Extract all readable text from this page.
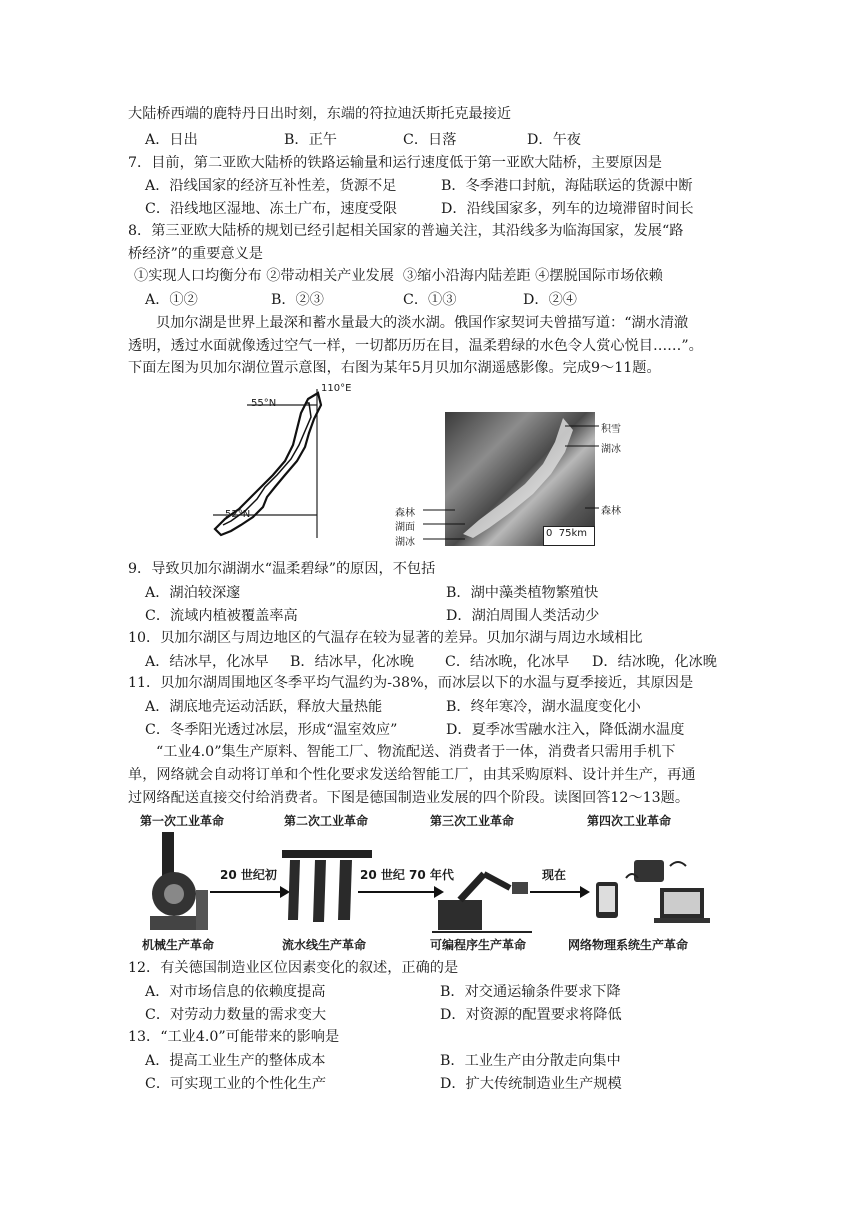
大陆桥西端的鹿特丹日出时刻，东端的符拉迪沃斯托克最接近
A．日出	B．正午	C．日落	D．午夜
7．目前，第二亚欧大陆桥的铁路运输量和运行速度低于第一亚欧大陆桥，主要原因是
A．沿线国家的经济互补性差，货源不足	B．冬季港口封航，海陆联运的货源中断
C．沿线地区湿地、冻土广布，速度受限	D．沿线国家多，列车的边境滞留时间长
8．第三亚欧大陆桥的规划已经引起相关国家的普遍关注，其沿线多为临海国家，发展“路
桥经济”的重要意义是
①实现人口均衡分布 ②带动相关产业发展  ③缩小沿海内陆差距 ④摆脱国际市场依赖
A．①②	B．②③	C．①③	D．②④
贝加尔湖是世界上最深和蓄水量最大的淡水湖。俄国作家契诃夫曾描写道：“湖水清澈
透明，透过水面就像透过空气一样，一切都历历在目，温柔碧绿的水色令人赏心悦目……”。
下面左图为贝加尔湖位置示意图，右图为某年5月贝加尔湖遥感影像。完成9～11题。
110°E
55°N
52°N
0  75km
积雪
湖冰
森林
森林
湖面
湖冰
9．导致贝加尔湖湖水“温柔碧绿”的原因，不包括
A．湖泊较深邃	B．湖中藻类植物繁殖快
C．流域内植被覆盖率高	D．湖泊周围人类活动少
10．贝加尔湖区与周边地区的气温存在较为显著的差异。贝加尔湖与周边水域相比
A．结冰早，化冰早 B．结冰早，化冰晚 C．结冰晚，化冰早 D．结冰晚，化冰晚
11．贝加尔湖周围地区冬季平均气温约为-38%，而冰层以下的水温与夏季接近，其原因是
A．湖底地壳运动活跃，释放大量热能	B．终年寒冷，湖水温度变化小
C．冬季阳光透过冰层，形成“温室效应”	D．夏季冰雪融水注入，降低湖水温度
“工业4.0”集生产原料、智能工厂、物流配送、消费者于一体，消费者只需用手机下
单，网络就会自动将订单和个性化要求发送给智能工厂，由其采购原料、设计并生产，再通
过网络配送直接交付给消费者。下图是德国制造业发展的四个阶段。读图回答12～13题。
第一次工业革命	第二次工业革命	第三次工业革命	第四次工业革命
20 世纪初	20 世纪 70 年代	现在
机械生产革命	流水线生产革命	可编程序生产革命	网络物理系统生产革命
12．有关德国制造业区位因素变化的叙述，正确的是
A．对市场信息的依赖度提高	B．对交通运输条件要求下降
C．对劳动力数量的需求变大	D．对资源的配置要求将降低
13．“工业4.0”可能带来的影响是
A．提高工业生产的整体成本	B．工业生产由分散走向集中
C．可实现工业的个性化生产	D．扩大传统制造业生产规模
